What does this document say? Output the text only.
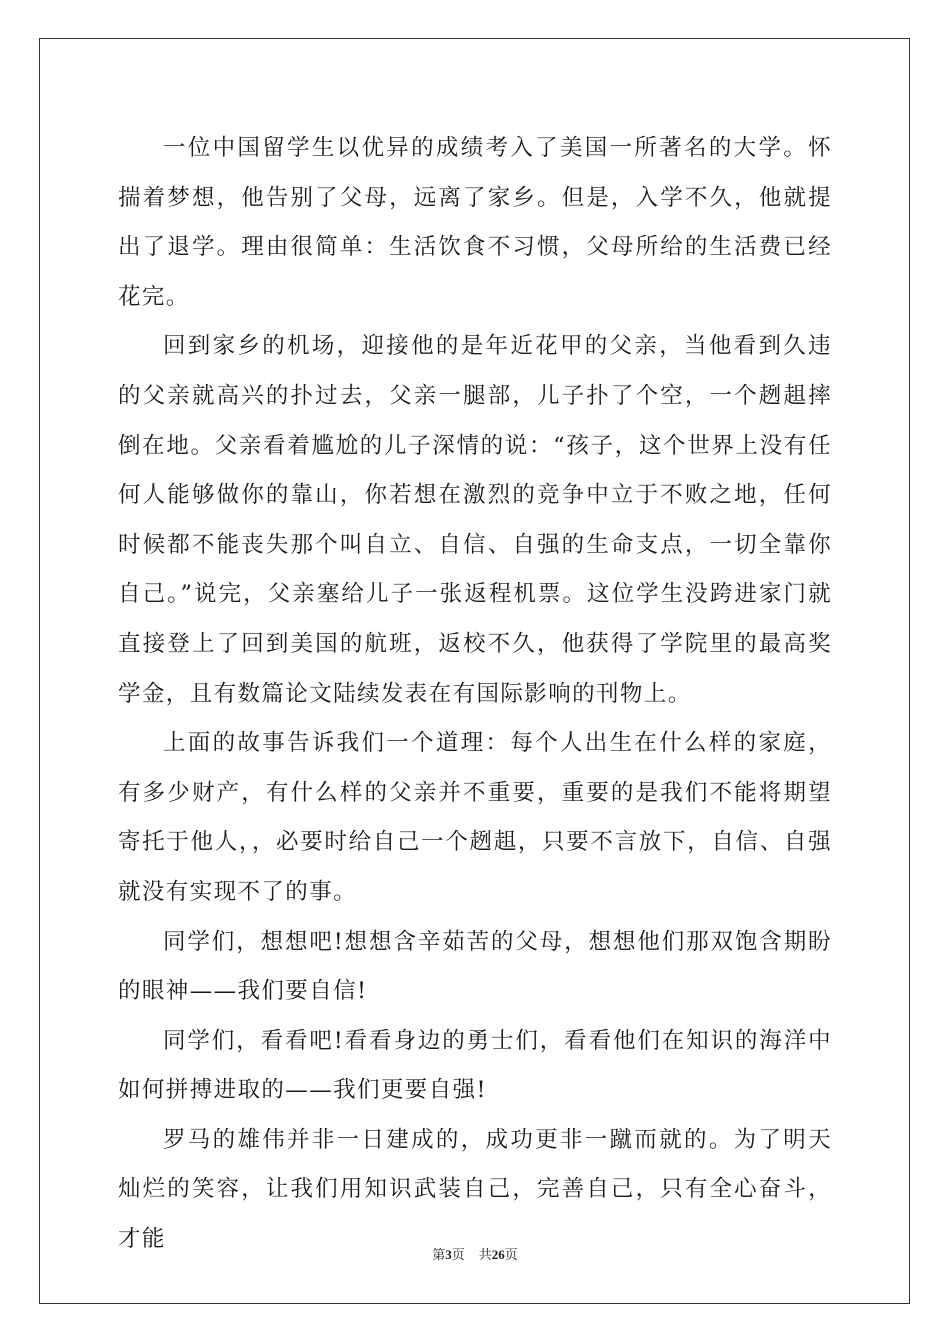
一位中国留学生以优异的成绩考入了美国一所著名的大学。怀揣着梦想，他告别了父母，远离了家乡。但是，入学不久，他就提出了退学。理由很简单：生活饮食不习惯，父母所给的生活费已经花完。

回到家乡的机场，迎接他的是年近花甲的父亲，当他看到久违的父亲就高兴的扑过去，父亲一腿部，儿子扑了个空，一个趔趄摔倒在地。父亲看着尴尬的儿子深情的说：“孩子，这个世界上没有任何人能够做你的靠山，你若想在激烈的竞争中立于不败之地，任何时候都不能丧失那个叫自立、自信、自强的生命支点，一切全靠你自己。”说完，父亲塞给儿子一张返程机票。这位学生没跨进家门就直接登上了回到美国的航班，返校不久，他获得了学院里的最高奖学金，且有数篇论文陆续发表在有国际影响的刊物上。

上面的故事告诉我们一个道理：每个人出生在什么样的家庭，有多少财产，有什么样的父亲并不重要，重要的是我们不能将期望寄托于他人，，必要时给自己一个趔趄，只要不言放下，自信、自强就没有实现不了的事。

同学们，想想吧!想想含辛茹苦的父母，想想他们那双饱含期盼的眼神——我们要自信!

同学们，看看吧!看看身边的勇士们，看看他们在知识的海洋中如何拼搏进取的——我们更要自强!

罗马的雄伟并非一日建成的，成功更非一蹴而就的。为了明天灿烂的笑容，让我们用知识武装自己，完善自己，只有全心奋斗，才能

第3页 共26页
